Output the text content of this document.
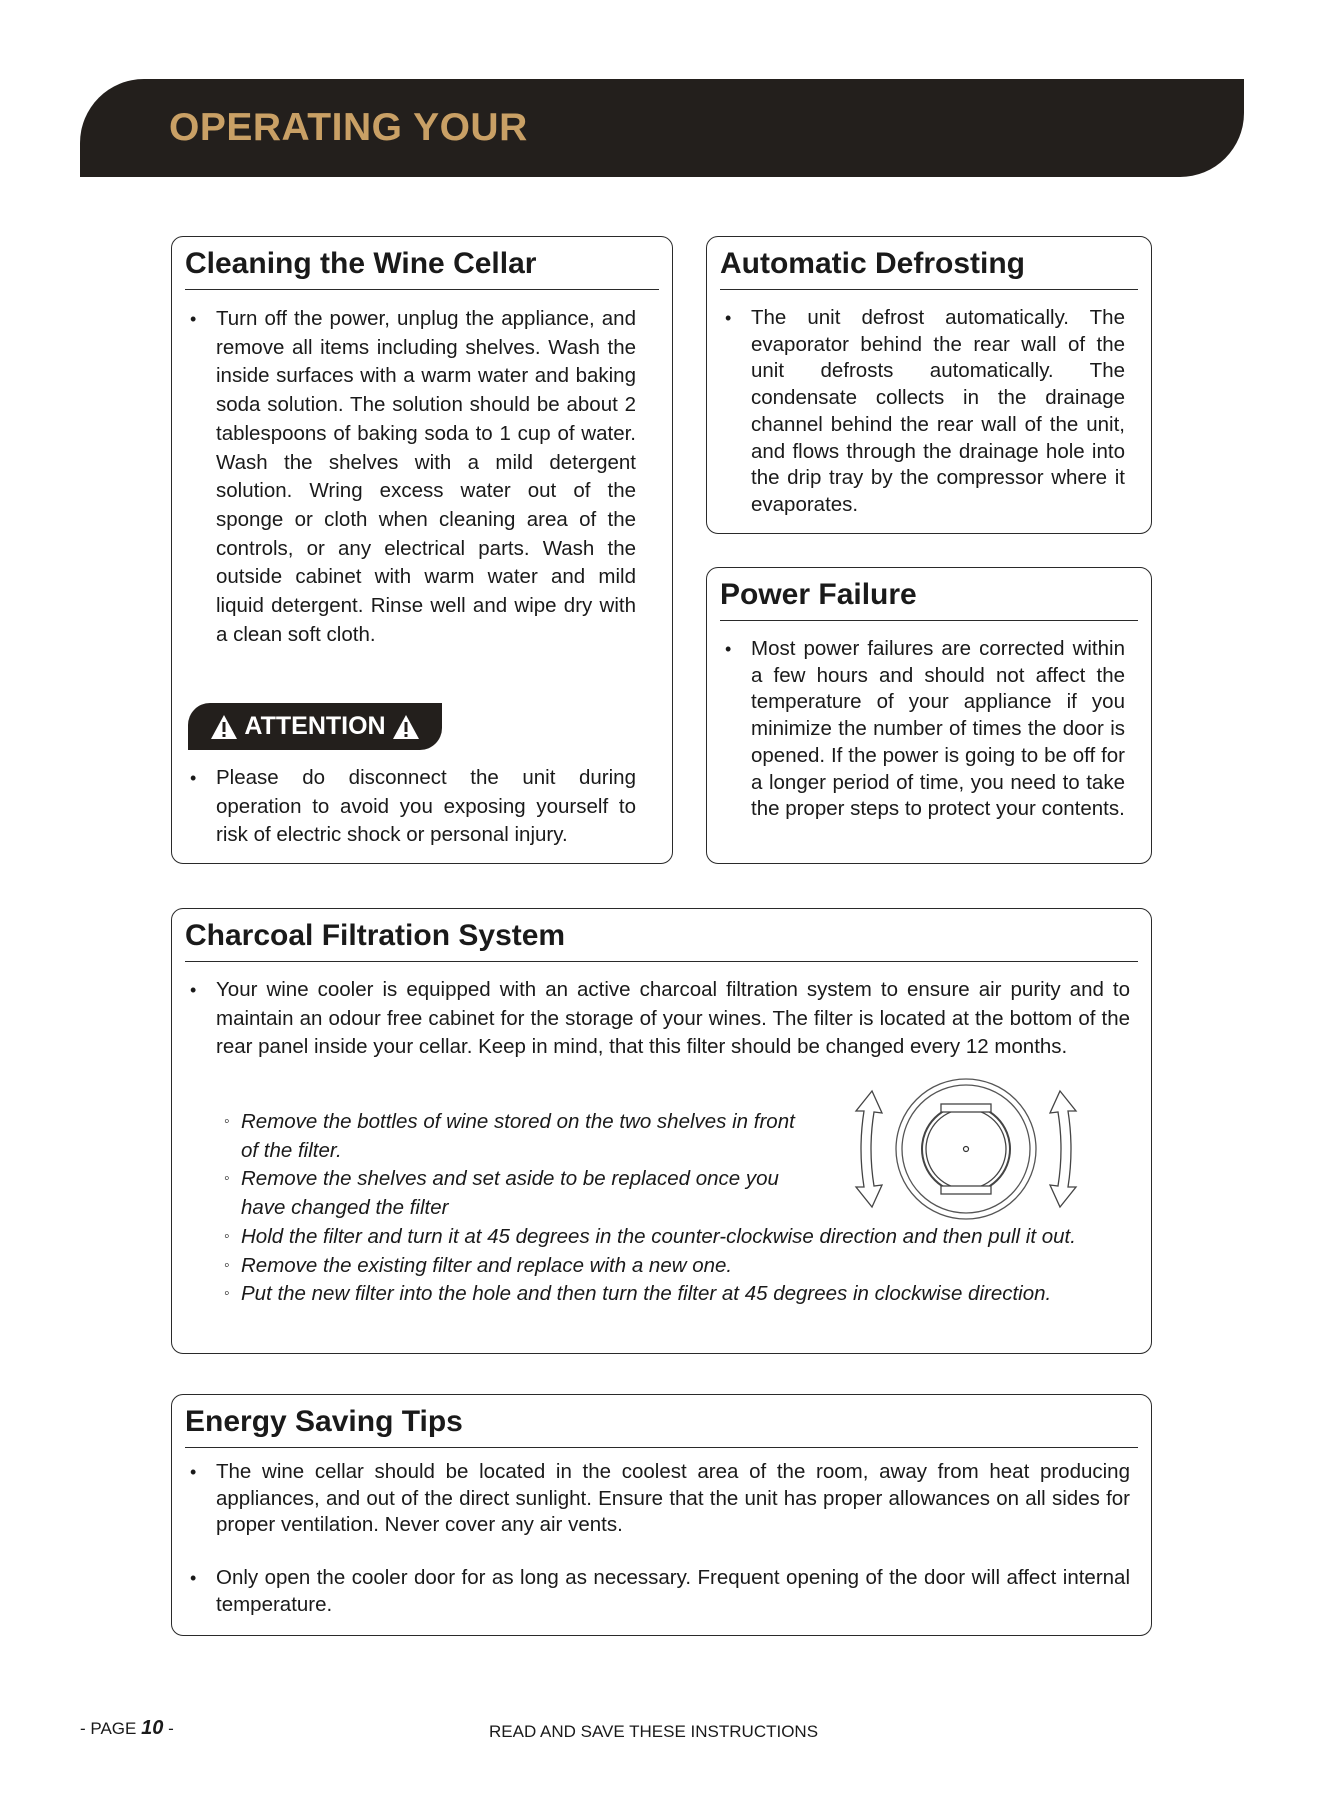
OPERATING YOUR
Cleaning the Wine Cellar

• Turn off the power, unplug the appliance, and remove all items including shelves. Wash the inside surfaces with a warm water and baking soda solution. The solution should be about 2 tablespoons of baking soda to 1 cup of water. Wash the shelves with a mild detergent solution. Wring excess water out of the sponge or cloth when cleaning area of the controls, or any electrical parts. Wash the outside cabinet with warm water and mild liquid detergent. Rinse well and wipe dry with a clean soft cloth.

ATTENTION

• Please do disconnect the unit during operation to avoid you exposing yourself to risk of electric shock or personal injury.

Automatic Defrosting

• The unit defrost automatically. The evaporator behind the rear wall of the unit defrosts automatically. The condensate collects in the drainage channel behind the rear wall of the unit, and flows through the drainage hole into the drip tray by the compressor where it evaporates.

Power Failure

• Most power failures are corrected within a few hours and should not affect the temperature of your appliance if you minimize the number of times the door is opened. If the power is going to be off for a longer period of time, you need to take the proper steps to protect your contents.

Charcoal Filtration System

• Your wine cooler is equipped with an active charcoal filtration system to ensure air purity and to maintain an odour free cabinet for the storage of your wines. The filter is located at the bottom of the rear panel inside your cellar. Keep in mind, that this filter should be changed every 12 months.

◦ Remove the bottles of wine stored on the two shelves in front of the filter.
◦ Remove the shelves and set aside to be replaced once you have changed the filter
◦ Hold the filter and turn it at 45 degrees in the counter-clockwise direction and then pull it out.
◦ Remove the existing filter and replace with a new one.
◦ Put the new filter into the hole and then turn the filter at 45 degrees in clockwise direction.
Energy Saving Tips

• The wine cellar should be located in the coolest area of the room, away from heat producing appliances, and out of the direct sunlight. Ensure that the unit has proper allowances on all sides for proper ventilation. Never cover any air vents.

• Only open the cooler door for as long as necessary. Frequent opening of the door will affect internal temperature.

- PAGE 10 -	READ AND SAVE THESE INSTRUCTIONS
